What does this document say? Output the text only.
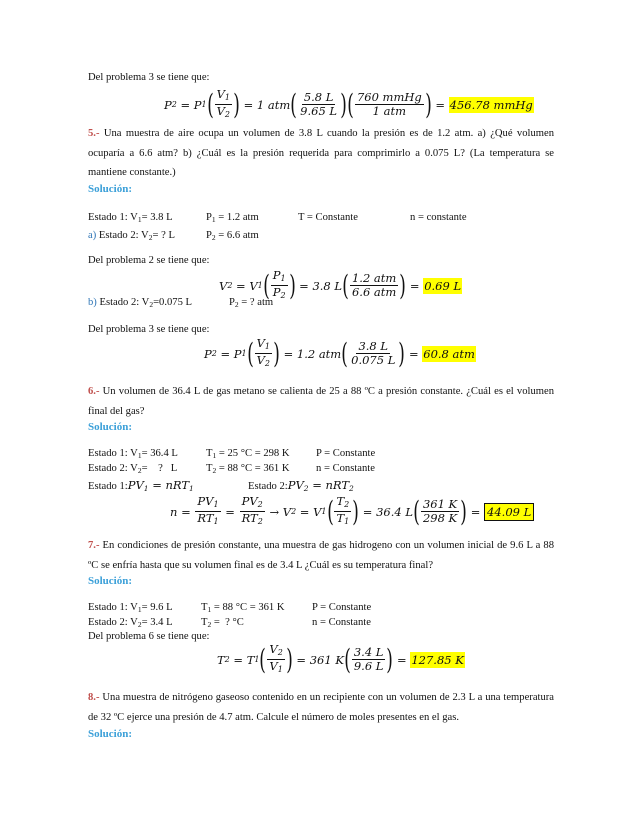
Del problema 3 se tiene que:
P 2 = P 1 ( $\frac{V_1}{V_2}$ ) = 1 atm ( $\frac{5.8 L}{9.65 L}$ ) ( $\frac{\text{760 mmHg}}{\text{1 atm}}$ ) = 456.78 mmHg
5.- Una muestra de aire ocupa un volumen de 3.8 L cuando la presión es de 1.2 atm. a) ¿Qué volumen ocuparía a 6.6 atm? b) ¿Cuál es la presión requerida para comprimirlo a 0.075 L? (La temperatura se mantiene constante.)
Solución:
Estado 1: $V_1= 3.8$ L	$P_1 = 1.2$ atm	T = Constante	n = constante
a) Estado 2: $V_2=$ ? L	$P_2 = 6.6$ atm
Del problema 2 se tiene que:
V 2 = V 1 ( $\frac{P_1}{P_2}$ ) = 3.8 L ( $\frac{\text{1.2 atm}}{\text{6.6 atm}}$ ) = 0.69 L
b) Estado 2: $V_2=0.075$ L	$P_2$ = ? atm
Del problema 3 se tiene que:
P 2 = P 1 ( $\frac{V_1}{V_2}$ ) = 1.2 atm ( $\frac{3.8 L}{0.075 L}$ ) = 60.8 atm
6.- Un volumen de 36.4 L de gas metano se calienta de 25 a 88 ºC a presión constante. ¿Cuál es el volumen final del gas?
Solución:
Estado 1: $V_1= 36.4$ L	$T_1 = 25$ °C = 298 K P = Constante
Estado 2: $V_2=$    ?   L	$T_2 = 88$ °C = 361 K n = Constante
Estado 1: $PV_1 = nRT_1$	Estado 2: $PV_2 = nRT_2$
$n = \frac{PV_1}{RT_1} = \frac{PV_2}{RT_2} \to V$ 2 = V 1 ( $\frac{T_2}{T_1}$ ) = 36.4 L ( $\frac{361 K}{298 K}$ ) = 44.09 L
7.- En condiciones de presión constante, una muestra de gas hidrogeno con un volumen inicial de 9.6 L a 88 ºC se enfría hasta que su volumen final es de 3.4 L ¿Cuál es su temperatura final?
Solución:
Estado 1: $V_1= 9.6$ L	$T_1 = 88$ °C = 361 K	P = Constante
Estado 2: $V_2= 3.4$ L	$T_2$ =  ? °C	n = Constante
Del problema 6 se tiene que:
T 2 = T 1 ( $\frac{V_2}{V_1}$ ) = 361 K ( $\frac{3.4 L}{9.6 L}$ ) = 127.85 K
8.- Una muestra de nitrógeno gaseoso contenido en un recipiente con un volumen de 2.3 L a una temperatura de 32 ºC ejerce una presión de 4.7 atm. Calcule el número de moles presentes en el gas.
Solución:
